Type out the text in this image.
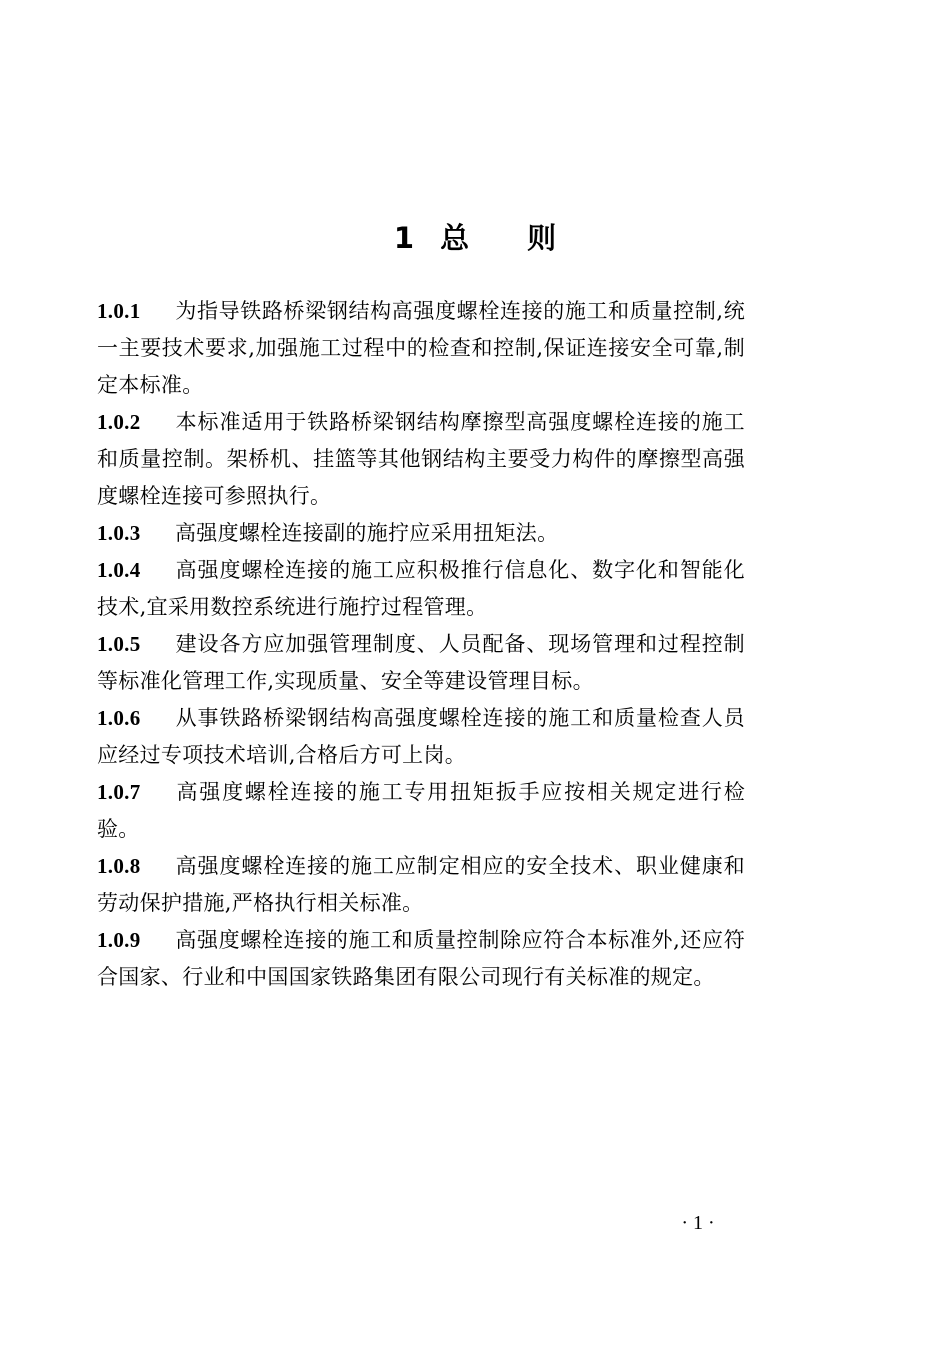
1 总 则

1.0.1 为指导铁路桥梁钢结构高强度螺栓连接的施工和质量控制,统一主要技术要求,加强施工过程中的检查和控制,保证连接安全可靠,制定本标准。

1.0.2 本标准适用于铁路桥梁钢结构摩擦型高强度螺栓连接的施工和质量控制。架桥机、挂篮等其他钢结构主要受力构件的摩擦型高强度螺栓连接可参照执行。

1.0.3 高强度螺栓连接副的施拧应采用扭矩法。

1.0.4 高强度螺栓连接的施工应积极推行信息化、数字化和智能化技术,宜采用数控系统进行施拧过程管理。

1.0.5 建设各方应加强管理制度、人员配备、现场管理和过程控制等标准化管理工作,实现质量、安全等建设管理目标。

1.0.6 从事铁路桥梁钢结构高强度螺栓连接的施工和质量检查人员应经过专项技术培训,合格后方可上岗。

1.0.7 高强度螺栓连接的施工专用扭矩扳手应按相关规定进行检验。

1.0.8 高强度螺栓连接的施工应制定相应的安全技术、职业健康和劳动保护措施,严格执行相关标准。

1.0.9 高强度螺栓连接的施工和质量控制除应符合本标准外,还应符合国家、行业和中国国家铁路集团有限公司现行有关标准的规定。

· 1 ·
